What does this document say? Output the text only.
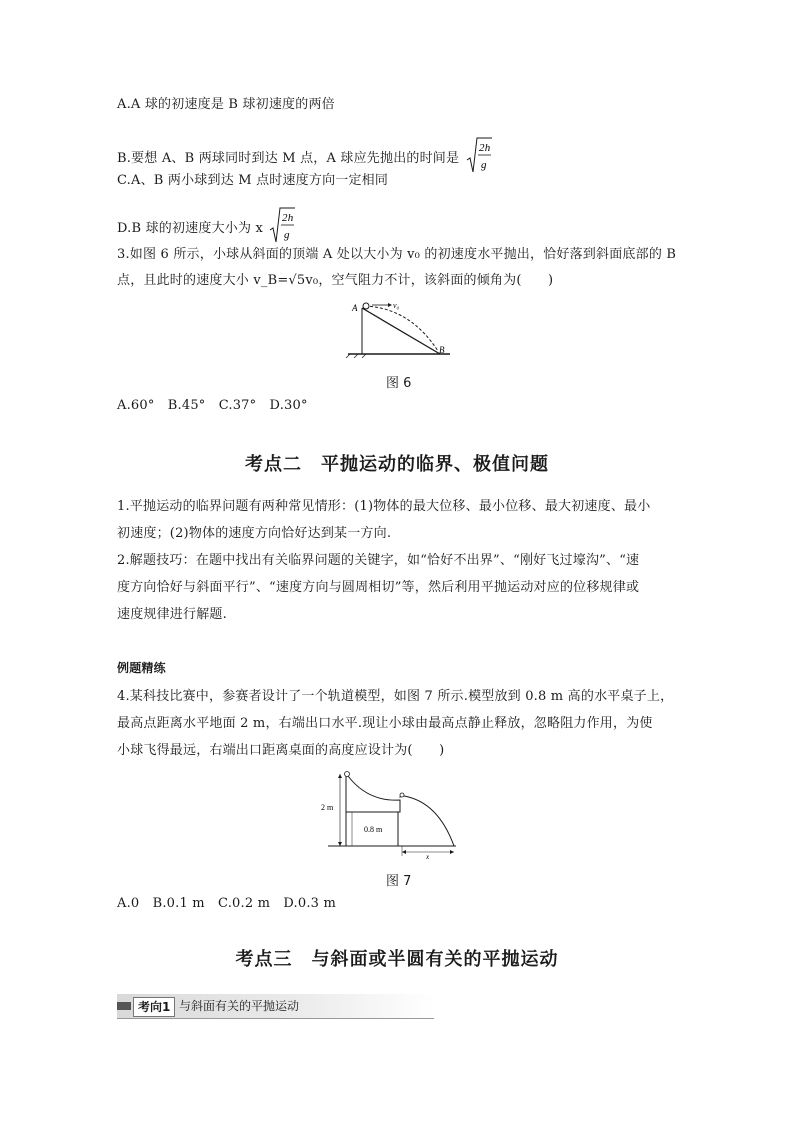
A.A 球的初速度是 B 球初速度的两倍
B.要想 A、B 两球同时到达 M 点，A 球应先抛出的时间是
2h
g
C.A、B 两小球到达 M 点时速度方向一定相同
D.B 球的初速度大小为 x
2h
g
3.如图 6 所示，小球从斜面的顶端 A 处以大小为 v₀ 的初速度水平抛出，恰好落到斜面底部的 B
点，且此时的速度大小 v_B=√5v₀，空气阻力不计，该斜面的倾角为(　　)
v₀
A
B
图 6
A.60°　B.45°　C.37°　D.30°
考点二　平抛运动的临界、极值问题
1.平抛运动的临界问题有两种常见情形：(1)物体的最大位移、最小位移、最大初速度、最小
初速度；(2)物体的速度方向恰好达到某一方向.
2.解题技巧：在题中找出有关临界问题的关键字，如“恰好不出界”、“刚好飞过壕沟”、“速
度方向恰好与斜面平行”、“速度方向与圆周相切”等，然后利用平抛运动对应的位移规律或
速度规律进行解题.
例题精练
4.某科技比赛中，参赛者设计了一个轨道模型，如图 7 所示.模型放到 0.8 m 高的水平桌子上，
最高点距离水平地面 2 m，右端出口水平.现让小球由最高点静止释放，忽略阻力作用，为使
小球飞得最远，右端出口距离桌面的高度应设计为(　　)
2 m
0.8 m
x
图 7
A.0　B.0.1 m　C.0.2 m　D.0.3 m
考点三　与斜面或半圆有关的平抛运动
考向1 与斜面有关的平抛运动
